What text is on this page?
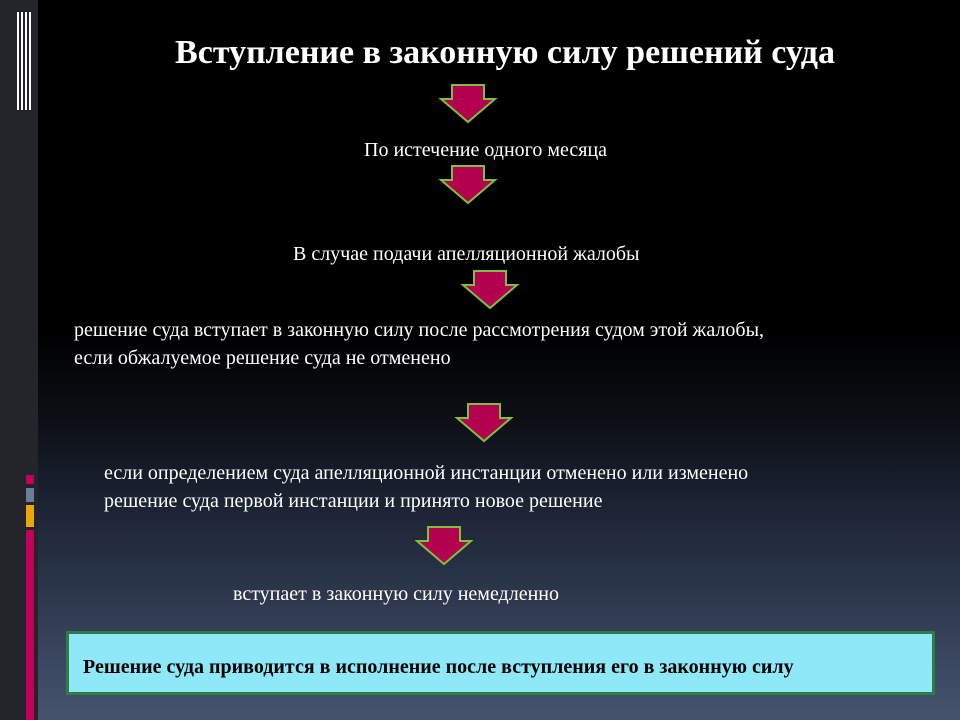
Вступление в законную силу решений суда
По истечение одного месяца
В случае подачи апелляционной жалобы
решение суда вступает в законную силу после рассмотрения судом этой жалобы,
если обжалуемое решение суда не отменено
если определением суда апелляционной инстанции отменено или изменено
решение суда первой инстанции и принято новое решение
вступает в законную силу немедленно

Решение суда приводится в исполнение после вступления его в законную силу
